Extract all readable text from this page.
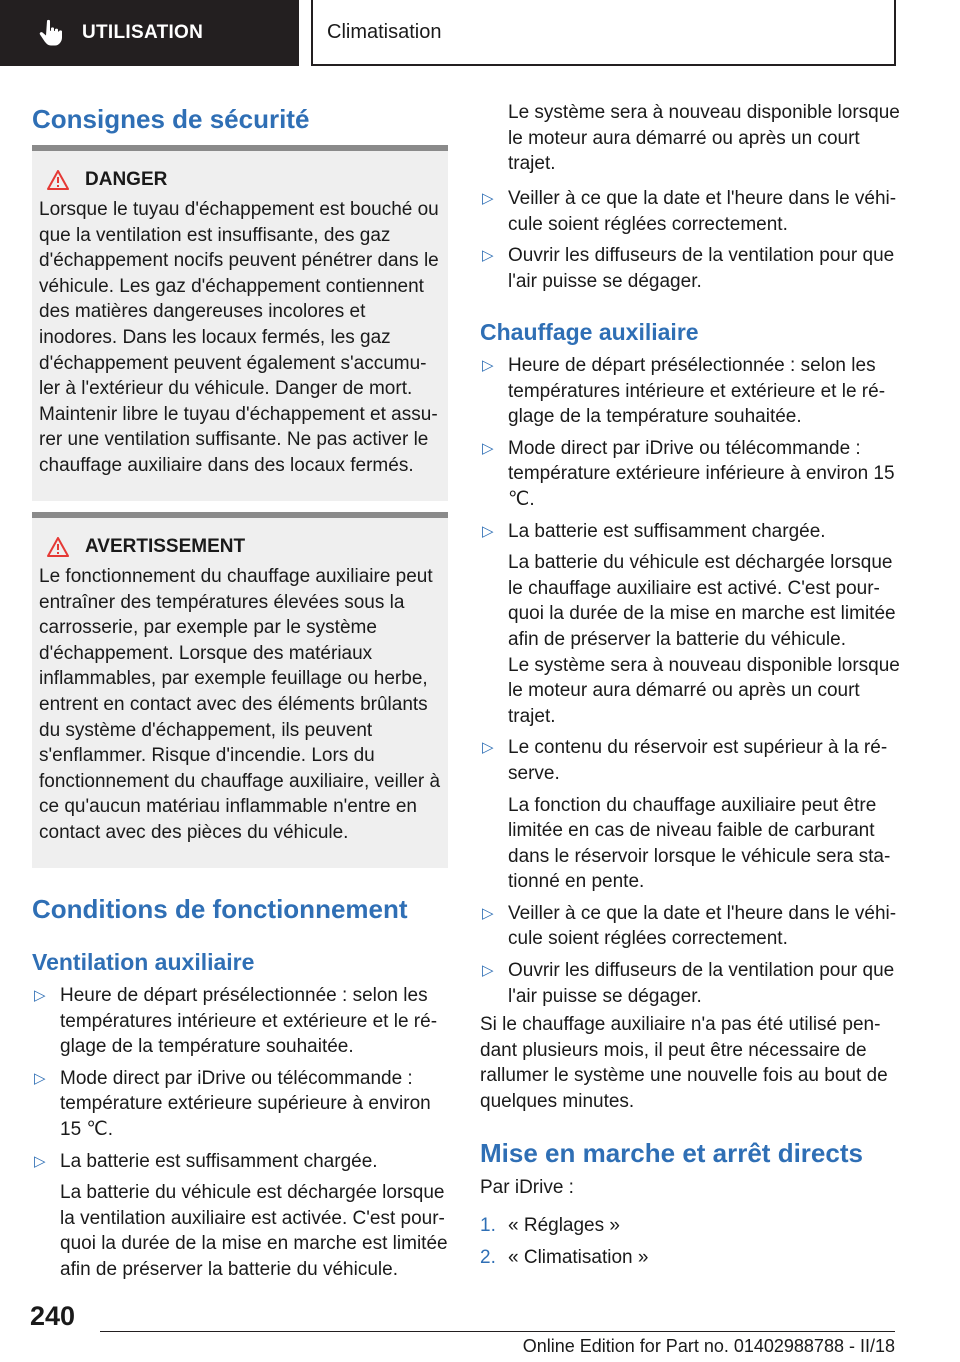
UTILISATION	Climatisation
Consignes de sécurité
DANGER
Lorsque le tuyau d'échappement est bouché ou que la ventilation est insuffisante, des gaz d'échappement nocifs peuvent pénétrer dans le véhicule. Les gaz d'échappement contiennent des matières dangereuses incolores et inodores. Dans les locaux fermés, les gaz d'échappement peuvent également s'accumuler à l'extérieur du véhicule. Danger de mort. Maintenir libre le tuyau d'échappement et assurer une ventilation suffisante. Ne pas activer le chauffage auxiliaire dans des locaux fermés.
AVERTISSEMENT
Le fonctionnement du chauffage auxiliaire peut entraîner des températures élevées sous la carrosserie, par exemple par le système d'échappement. Lorsque des matériaux inflammables, par exemple feuillage ou herbe, entrent en contact avec des éléments brûlants du système d'échappement, ils peuvent s'enflammer. Risque d'incendie. Lors du fonctionnement du chauffage auxiliaire, veiller à ce qu'aucun matériau inflammable n'entre en contact avec des pièces du véhicule.
Conditions de fonctionnement
Ventilation auxiliaire
▷ Heure de départ présélectionnée : selon les températures intérieure et extérieure et le réglage de la température souhaitée.
▷ Mode direct par iDrive ou télécommande : température extérieure supérieure à environ 15 ℃.
▷ La batterie est suffisamment chargée.
La batterie du véhicule est déchargée lorsque la ventilation auxiliaire est activée. C'est pourquoi la durée de la mise en marche est limitée afin de préserver la batterie du véhicule.
Le système sera à nouveau disponible lorsque le moteur aura démarré ou après un court trajet.
▷ Veiller à ce que la date et l'heure dans le véhicule soient réglées correctement.
▷ Ouvrir les diffuseurs de la ventilation pour que l'air puisse se dégager.
Chauffage auxiliaire
▷ Heure de départ présélectionnée : selon les températures intérieure et extérieure et le réglage de la température souhaitée.
▷ Mode direct par iDrive ou télécommande : température extérieure inférieure à environ 15 ℃.
▷ La batterie est suffisamment chargée.
La batterie du véhicule est déchargée lorsque le chauffage auxiliaire est activé. C'est pourquoi la durée de la mise en marche est limitée afin de préserver la batterie du véhicule.
Le système sera à nouveau disponible lorsque le moteur aura démarré ou après un court trajet.
▷ Le contenu du réservoir est supérieur à la réserve.
La fonction du chauffage auxiliaire peut être limitée en cas de niveau faible de carburant dans le réservoir lorsque le véhicule sera stationné en pente.
▷ Veiller à ce que la date et l'heure dans le véhicule soient réglées correctement.
▷ Ouvrir les diffuseurs de la ventilation pour que l'air puisse se dégager.
Si le chauffage auxiliaire n'a pas été utilisé pendant plusieurs mois, il peut être nécessaire de rallumer le système une nouvelle fois au bout de quelques minutes.
Mise en marche et arrêt directs
Par iDrive :
1. « Réglages »
2. « Climatisation »
240
Online Edition for Part no. 01402988788 - II/18
